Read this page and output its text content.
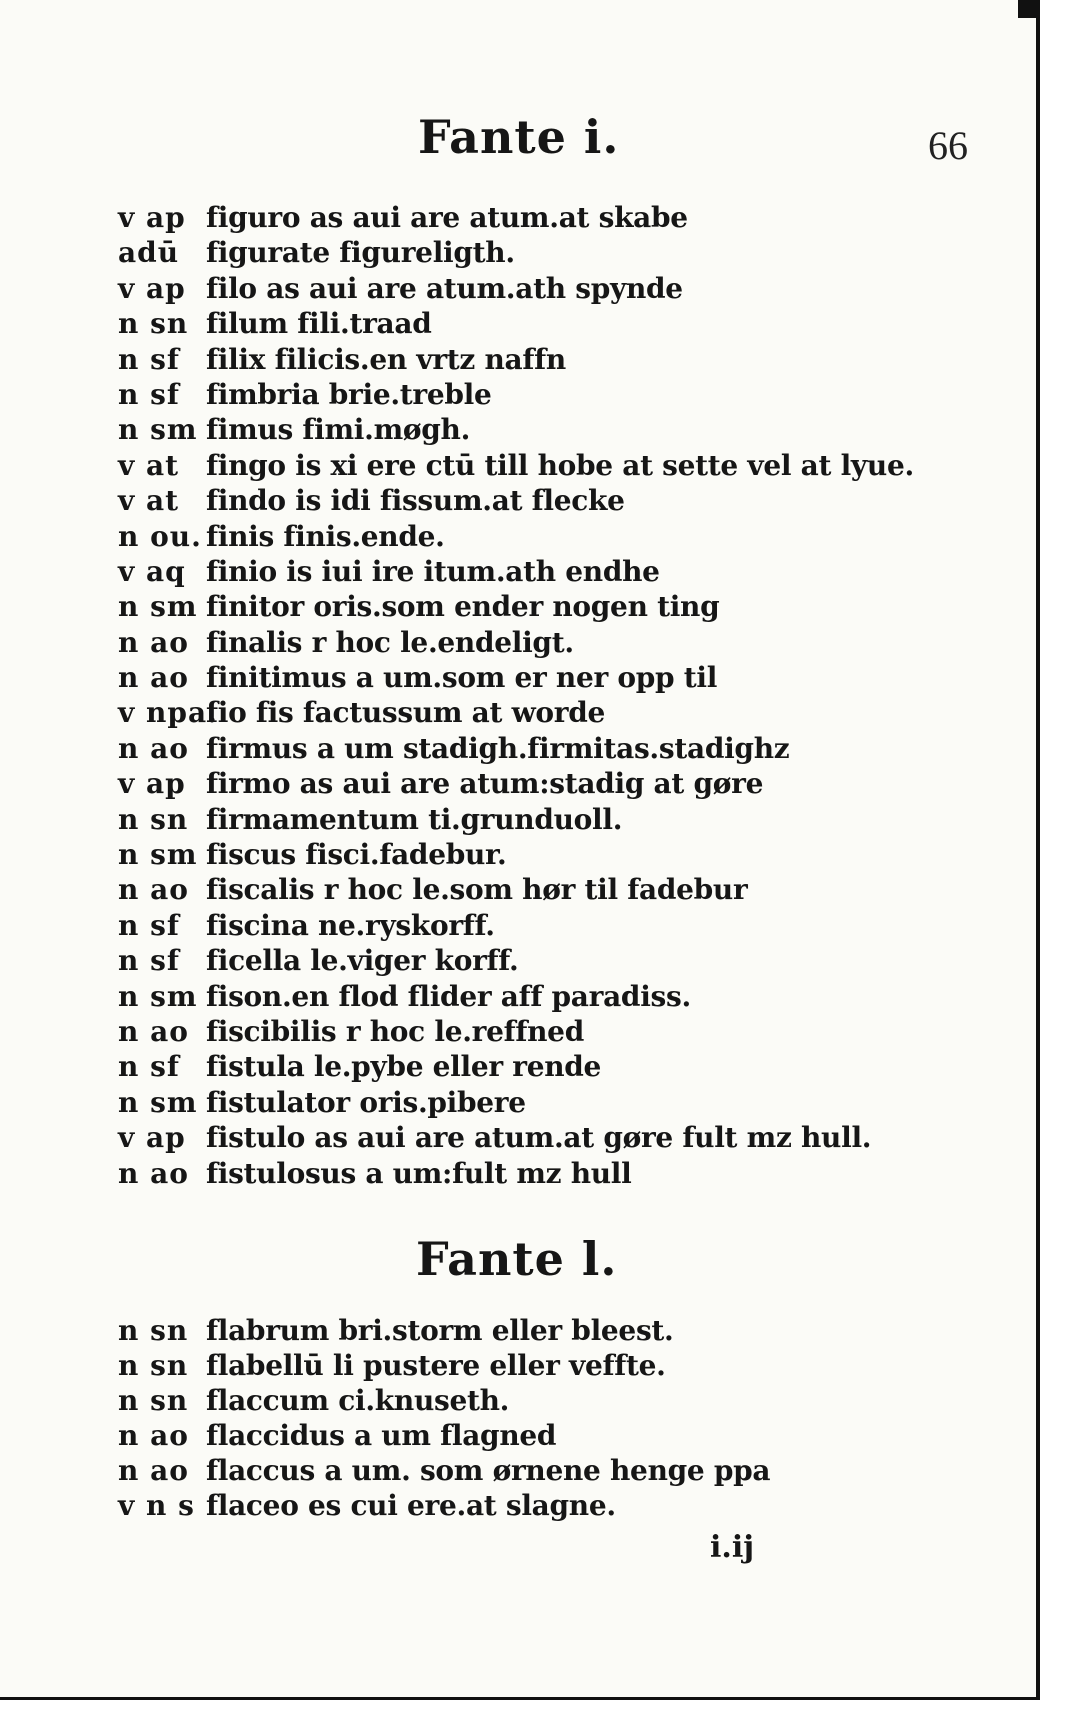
66
Fante i.
v ap figuro as aui are atum.at skabe
adū figurate figureligth.
v ap filo as aui are atum.ath spynde
n sn filum fili.traad
n sf filix filicis.en vrtz naffn
n sf fimbria brie.treble
n sm fimus fimi.møgh.
v at fingo is xi ere ctū till hobe at sette vel at lyue.
v at findo is idi fissum.at flecke
n ou. finis finis.ende.
v aq finio is iui ire itum.ath endhe
n sm finitor oris.som ender nogen ting
n ao finalis r hoc le.endeligt.
n ao finitimus a um.som er ner opp til
v npa.
fio fis factussum at worde
n ao firmus a um stadigh.firmitas.stadighz
v ap firmo as aui are atum:stadig at gøre
n sn firmamentum ti.grunduoll.
n sm fiscus fisci.fadebur.
n ao fiscalis r hoc le.som hør til fadebur
n sf fiscina ne.ryskorff.
n sf ficella le.viger korff.
n sm fison.en flod flider aff paradiss.
n ao fiscibilis r hoc le.reffned
n sf fistula le.pybe eller rende
n sm fistulator oris.pibere
v ap fistulo as aui are atum.at gøre fult mz hull.
n ao fistulosus a um:fult mz hull
Fante l.
n sn flabrum bri.storm eller bleest.
n sn flabellū li pustere eller veffte.
n sn flaccum ci.knuseth.
n ao flaccidus a um flagned
n ao flaccus a um. som ørnene henge ppa
v n s flaceo es cui ere.at slagne.
i.ij
